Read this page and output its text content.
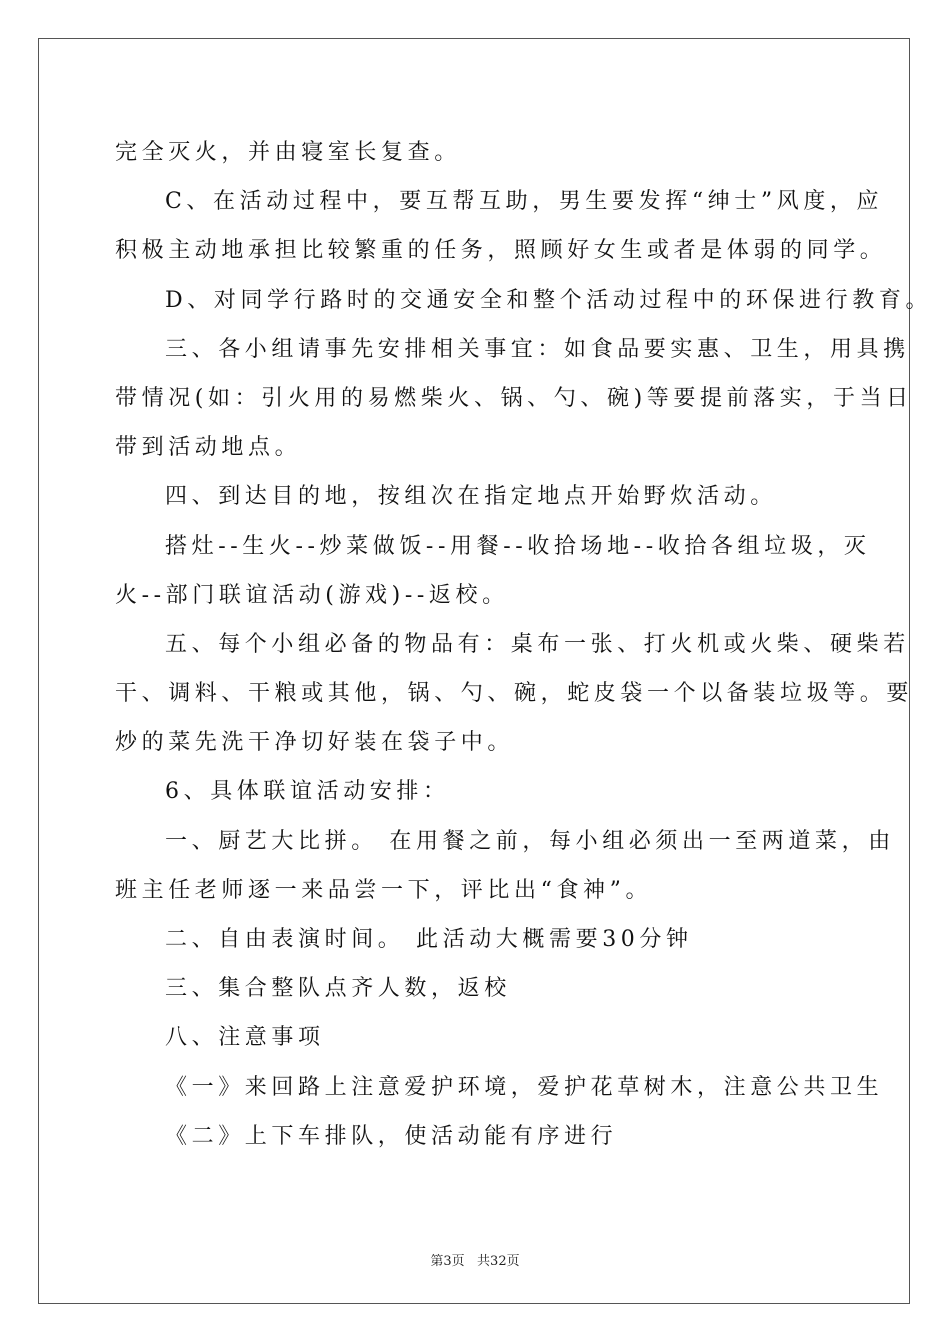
完全灭火，并由寝室长复查。
C、在活动过程中，要互帮互助，男生要发挥“绅士”风度，应
积极主动地承担比较繁重的任务，照顾好女生或者是体弱的同学。
D、对同学行路时的交通安全和整个活动过程中的环保进行教育。
三、各小组请事先安排相关事宜：如食品要实惠、卫生，用具携
带情况(如：引火用的易燃柴火、锅、勺、碗)等要提前落实，于当日
带到活动地点。
四、到达目的地，按组次在指定地点开始野炊活动。
搭灶--生火--炒菜做饭--用餐--收拾场地--收拾各组垃圾，灭
火--部门联谊活动(游戏)--返校。
五、每个小组必备的物品有：桌布一张、打火机或火柴、硬柴若
干、调料、干粮或其他，锅、勺、碗，蛇皮袋一个以备装垃圾等。要
炒的菜先洗干净切好装在袋子中。
6、具体联谊活动安排：
一、厨艺大比拼。 在用餐之前，每小组必须出一至两道菜，由
班主任老师逐一来品尝一下，评比出“食神”。
二、自由表演时间。 此活动大概需要30分钟
三、集合整队点齐人数，返校
八、注意事项
《一》来回路上注意爱护环境，爱护花草树木，注意公共卫生
《二》上下车排队，使活动能有序进行
第3页   共32页
